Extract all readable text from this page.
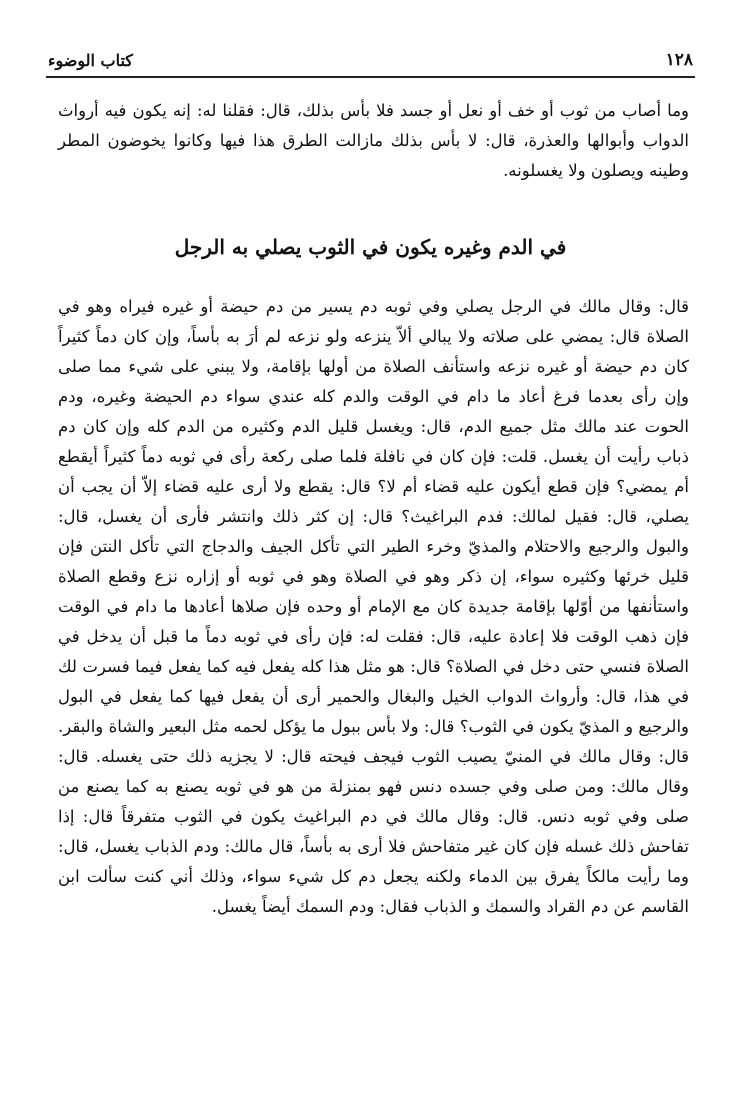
١٢٨
كتاب الوضوء

وما أصاب من ثوب أو خف أو نعل أو جسد فلا بأس بذلك، قال: فقلنا له: إنه يكون فيه أرواث الدواب وأبوالها والعذرة، قال: لا بأس بذلك مازالت الطرق هذا فيها وكانوا يخوضون المطر وطينه ويصلون ولا يغسلونه.

في الدم وغيره يكون في الثوب يصلي به الرجل

قال: وقال مالك في الرجل يصلي وفي ثوبه دم يسير من دم حيضة أو غيره فيراه وهو في الصلاة قال: يمضي على صلاته ولا يبالي ألاّ ينزعه ولو نزعه لم أرَ به بأساً، وإن كان دماً كثيراً كان دم حيضة أو غيره نزعه واستأنف الصلاة من أولها بإقامة، ولا يبني على شيء مما صلى وإن رأى بعدما فرغ أعاد ما دام في الوقت والدم كله عندي سواء دم الحيضة وغيره، ودم الحوت عند مالك مثل جميع الدم، قال: ويغسل قليل الدم وكثيره من الدم كله وإن كان دم ذباب رأيت أن يغسل. قلت: فإن كان في نافلة فلما صلى ركعة رأى في ثوبه دماً كثيراً أيقطع أم يمضي؟ فإن قطع أيكون عليه قضاء أم لا؟ قال: يقطع ولا أرى عليه قضاء إلاّ أن يجب أن يصلي، قال: فقيل لمالك: فدم البراغيث؟ قال: إن كثر ذلك وانتشر فأرى أن يغسل، قال: والبول والرجيع والاحتلام والمذيّ وخرء الطير التي تأكل الجيف والدجاج التي تأكل النتن فإن قليل خرئها وكثيره سواء، إن ذكر وهو في الصلاة وهو في ثوبه أو إزاره نزع وقطع الصلاة واستأنفها من أوّلها بإقامة جديدة كان مع الإمام أو وحده فإن صلاها أعادها ما دام في الوقت فإن ذهب الوقت فلا إعادة عليه، قال: فقلت له: فإن رأى في ثوبه دماً ما قبل أن يدخل في الصلاة فنسي حتى دخل في الصلاة؟ قال: هو مثل هذا كله يفعل فيه كما يفعل فيما فسرت لك في هذا، قال: وأرواث الدواب الخيل والبغال والحمير أرى أن يفعل فيها كما يفعل في البول والرجيع و المذيّ يكون في الثوب؟ قال: ولا بأس ببول ما يؤكل لحمه مثل البعير والشاة والبقر. قال: وقال مالك في المنيّ يصيب الثوب فيجف فيحته قال: لا يجزيه ذلك حتى يغسله. قال: وقال مالك: ومن صلى وفي جسده دنس فهو بمنزلة من هو في ثوبه يصنع به كما يصنع من صلى وفي ثوبه دنس. قال: وقال مالك في دم البراغيث يكون في الثوب متفرقاً قال: إذا تفاحش ذلك غسله فإن كان غير متفاحش فلا أرى به بأساً، قال مالك: ودم الذباب يغسل، قال: وما رأيت مالكاً يفرق بين الدماء ولكنه يجعل دم كل شيء سواء، وذلك أني كنت سألت ابن القاسم عن دم القراد والسمك و الذباب فقال: ودم السمك أيضاً يغسل.
